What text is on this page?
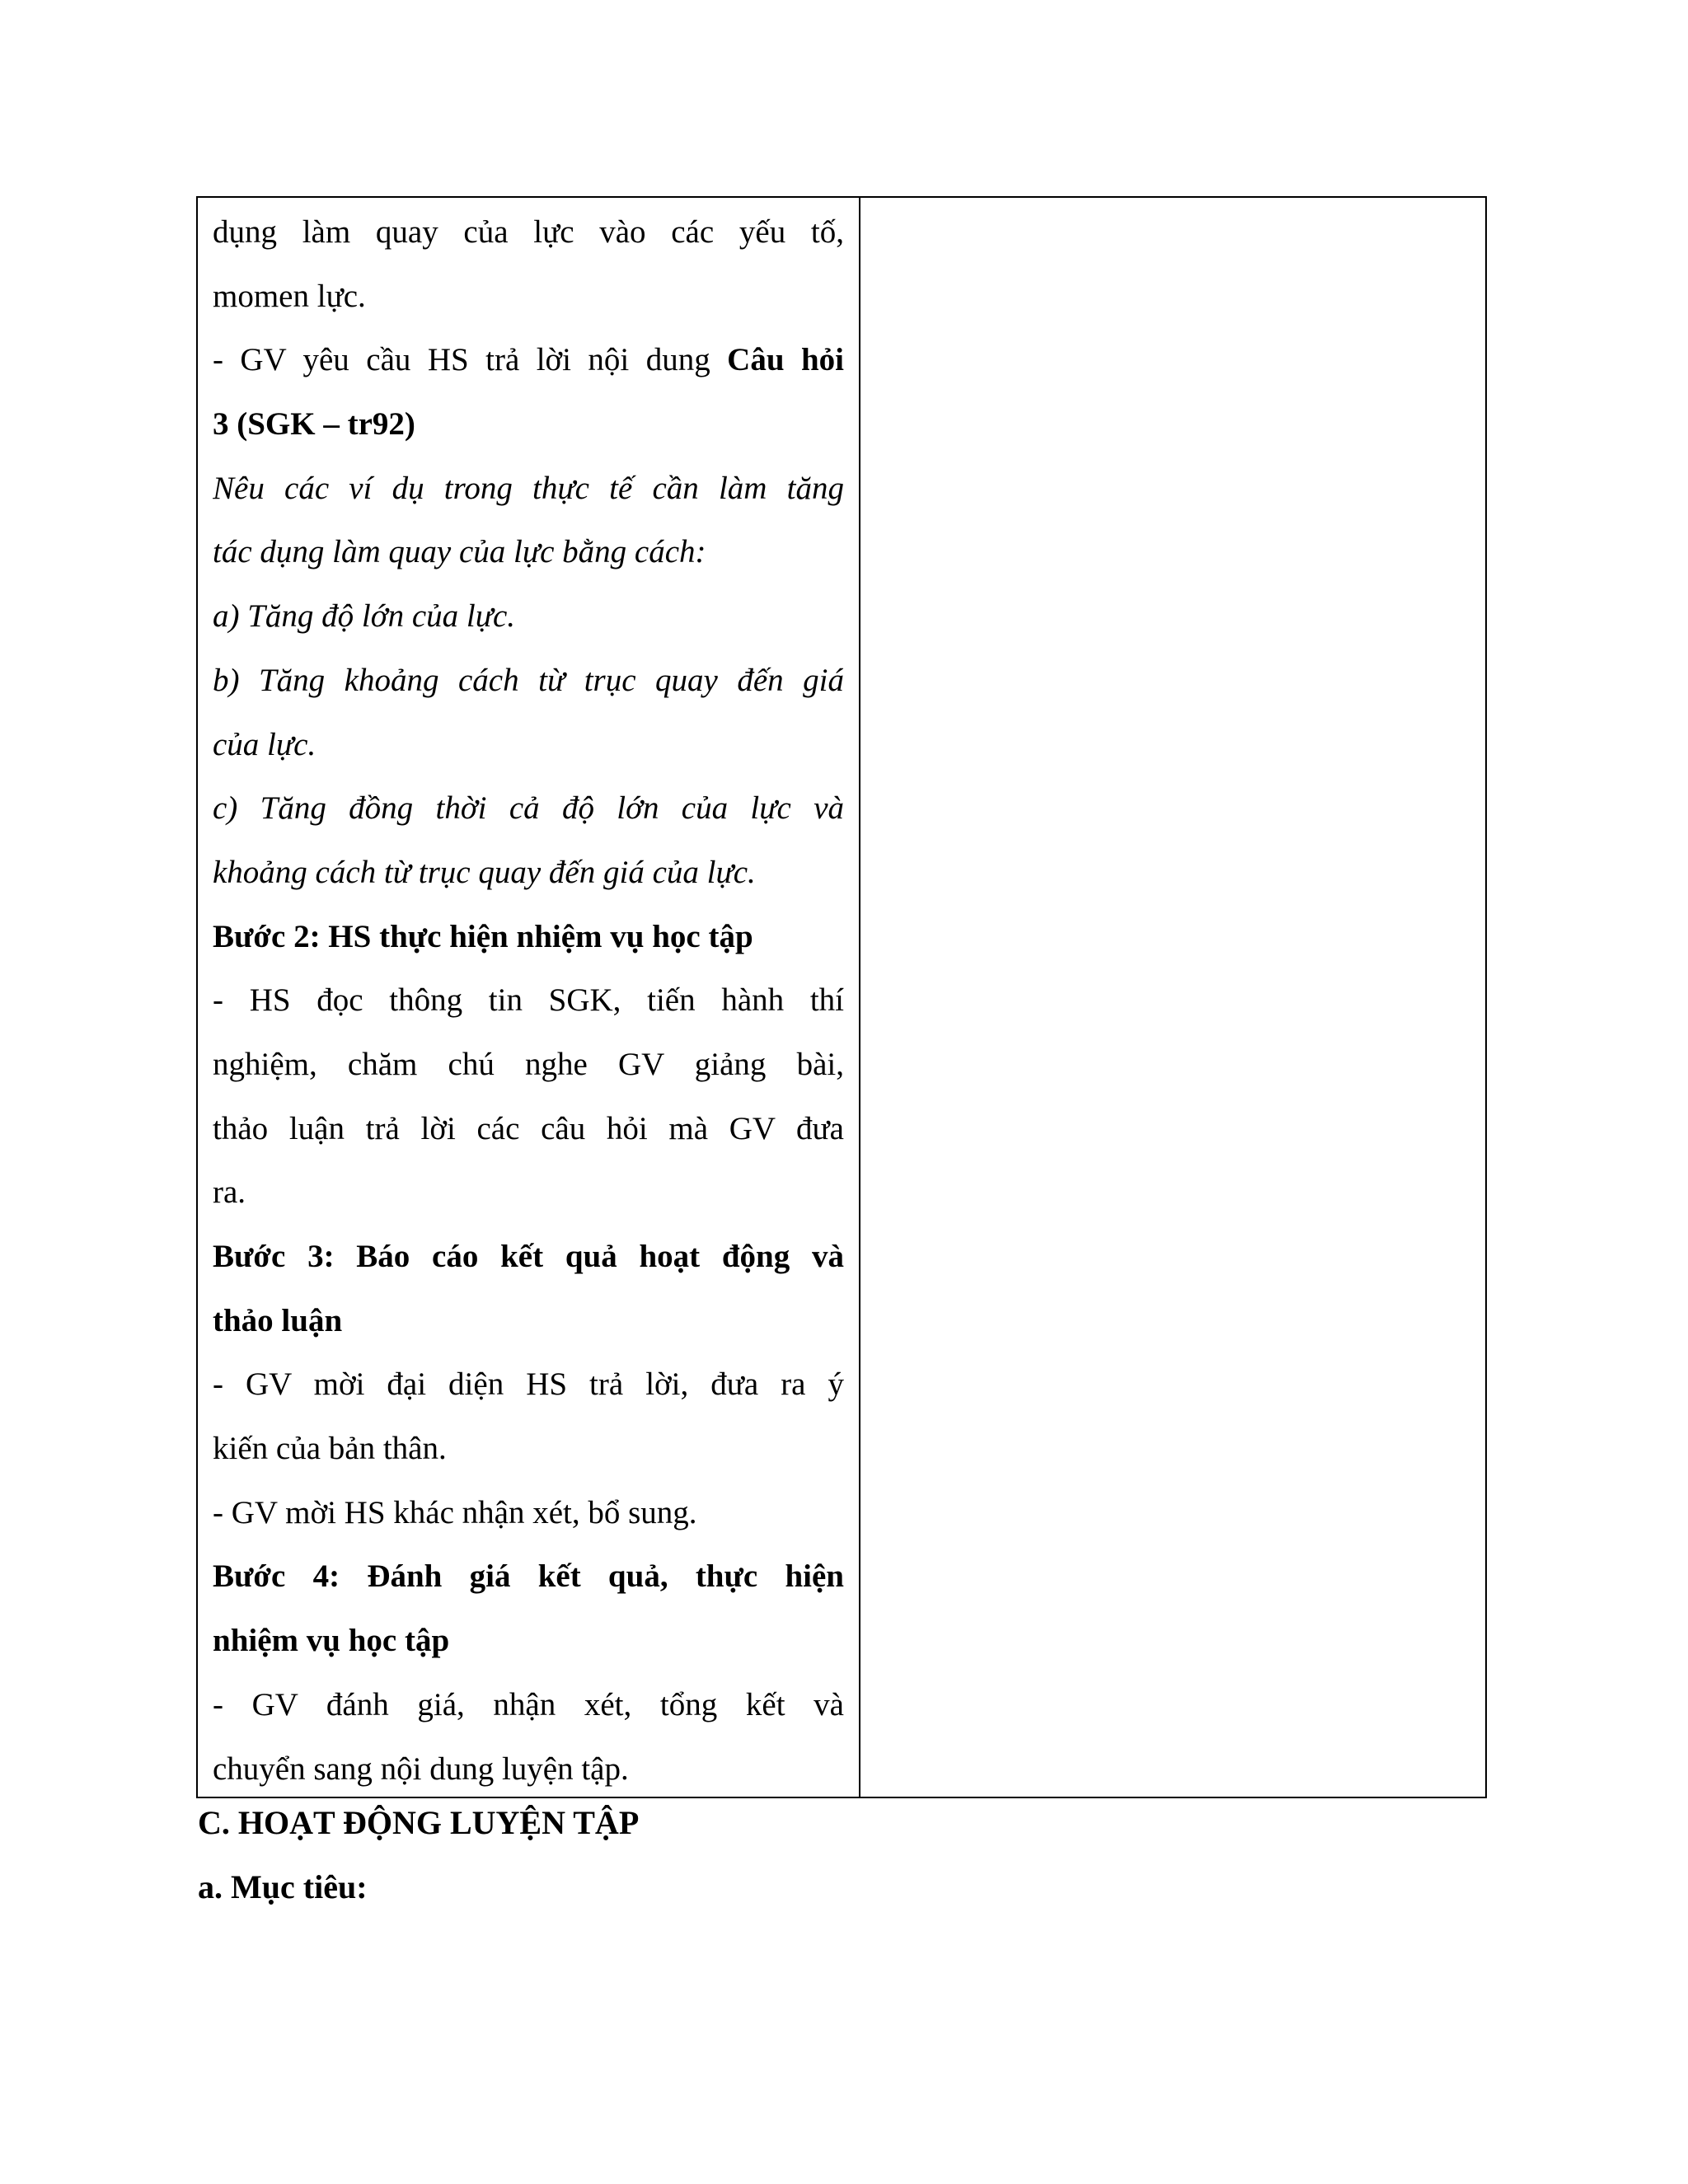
dụng làm quay của lực vào các yếu tố,
momen lực.
- GV yêu cầu HS trả lời nội dung Câu hỏi
3 (SGK – tr92)
Nêu các ví dụ trong thực tế cần làm tăng
tác dụng làm quay của lực bằng cách:
a) Tăng độ lớn của lực.
b) Tăng khoảng cách từ trục quay đến giá
của lực.
c) Tăng đồng thời cả độ lớn của lực và
khoảng cách từ trục quay đến giá của lực.
Bước 2: HS thực hiện nhiệm vụ học tập
- HS đọc thông tin SGK, tiến hành thí
nghiệm, chăm chú nghe GV giảng bài,
thảo luận trả lời các câu hỏi mà GV đưa
ra.
Bước 3: Báo cáo kết quả hoạt động và
thảo luận
- GV mời đại diện HS trả lời, đưa ra ý
kiến của bản thân.
- GV mời HS khác nhận xét, bổ sung.
Bước 4: Đánh giá kết quả, thực hiện
nhiệm vụ học tập
- GV đánh giá, nhận xét, tổng kết và
chuyển sang nội dung luyện tập.
C. HOẠT ĐỘNG LUYỆN TẬP
a. Mục tiêu:
